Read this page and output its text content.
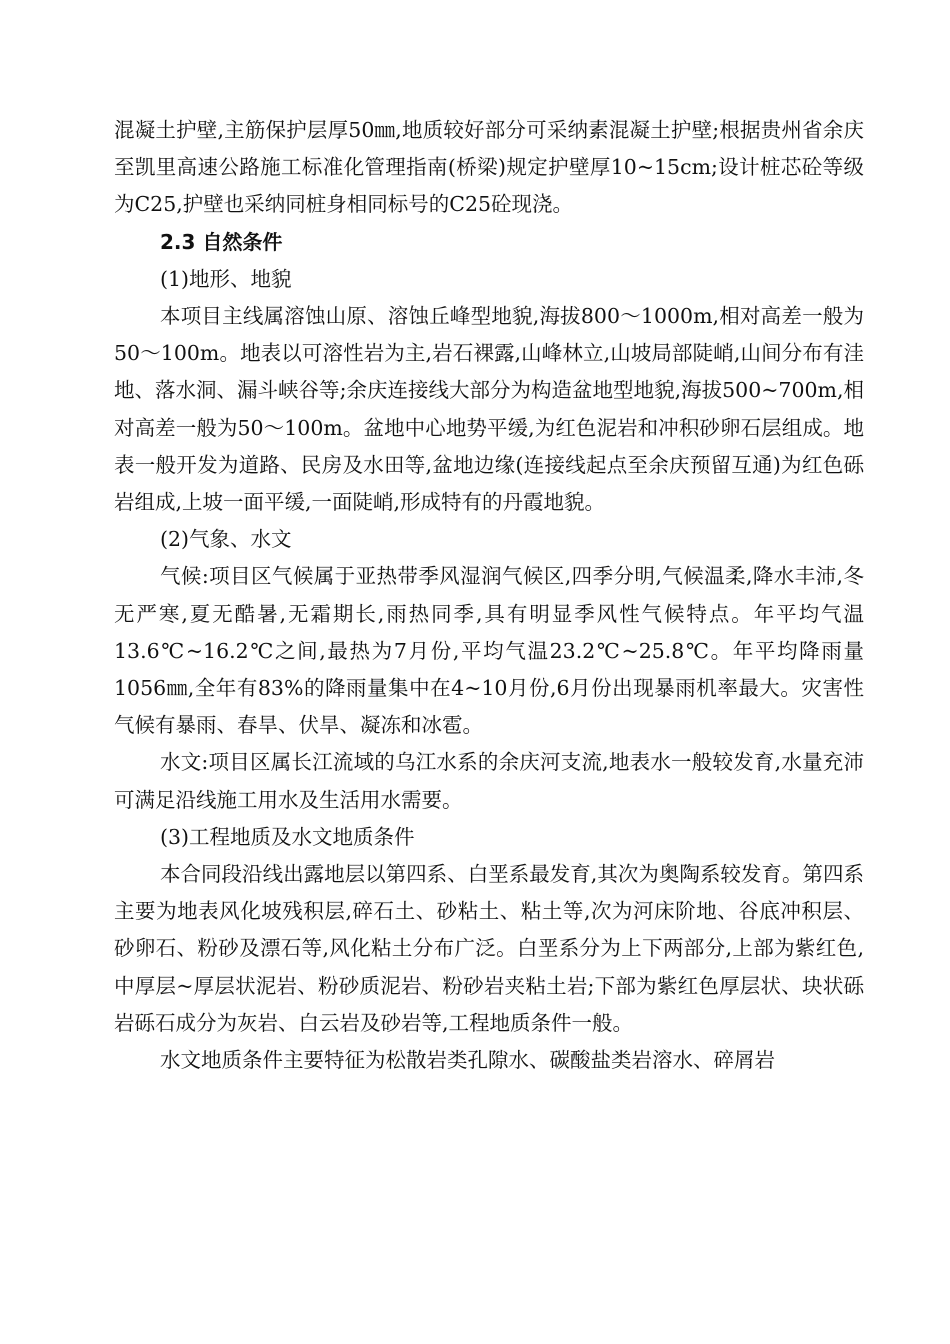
混凝土护壁,主筋保护层厚50㎜,地质较好部分可采纳素混凝土护壁;根据贵州省余庆至凯里高速公路施工标准化管理指南(桥梁)规定护壁厚10~15cm;设计桩芯砼等级为C25,护壁也采纳同桩身相同标号的C25砼现浇。

2.3 自然条件

(1)地形、地貌

本项目主线属溶蚀山原、溶蚀丘峰型地貌,海拔800～1000m,相对高差一般为50～100m。地表以可溶性岩为主,岩石裸露,山峰林立,山坡局部陡峭,山间分布有洼地、落水洞、漏斗峡谷等;余庆连接线大部分为构造盆地型地貌,海拔500~700m,相对高差一般为50～100m。盆地中心地势平缓,为红色泥岩和冲积砂卵石层组成。地表一般开发为道路、民房及水田等,盆地边缘(连接线起点至余庆预留互通)为红色砾岩组成,上坡一面平缓,一面陡峭,形成特有的丹霞地貌。

(2)气象、水文

气候:项目区气候属于亚热带季风湿润气候区,四季分明,气候温柔,降水丰沛,冬无严寒,夏无酷暑,无霜期长,雨热同季,具有明显季风性气候特点。年平均气温13.6℃~16.2℃之间,最热为7月份,平均气温23.2℃~25.8℃。年平均降雨量1056㎜,全年有83%的降雨量集中在4~10月份,6月份出现暴雨机率最大。灾害性气候有暴雨、春旱、伏旱、凝冻和冰雹。

水文:项目区属长江流域的乌江水系的余庆河支流,地表水一般较发育,水量充沛可满足沿线施工用水及生活用水需要。

(3)工程地质及水文地质条件

本合同段沿线出露地层以第四系、白垩系最发育,其次为奥陶系较发育。第四系主要为地表风化坡残积层,碎石土、砂粘土、粘土等,次为河床阶地、谷底冲积层、砂卵石、粉砂及漂石等,风化粘土分布广泛。白垩系分为上下两部分,上部为紫红色,中厚层~厚层状泥岩、粉砂质泥岩、粉砂岩夹粘土岩;下部为紫红色厚层状、块状砾岩砾石成分为灰岩、白云岩及砂岩等,工程地质条件一般。

水文地质条件主要特征为松散岩类孔隙水、碳酸盐类岩溶水、碎屑岩
